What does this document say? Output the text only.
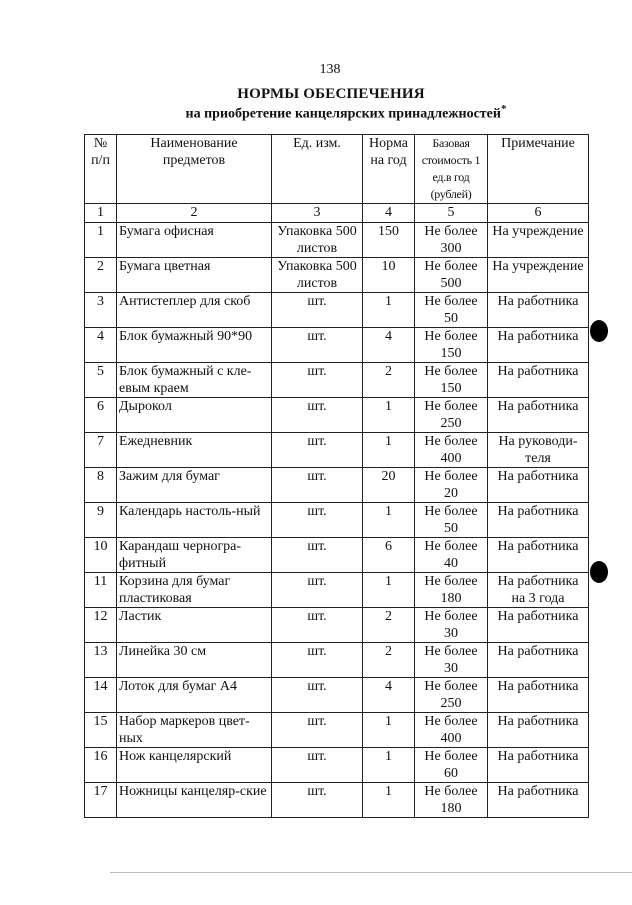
138
НОРМЫ ОБЕСПЕЧЕНИЯ
на приобретение канцелярских принадлежностей*
№ п/п	Наименование предметов	Ед. изм.	Норма на год	Базовая стоимость 1 ед.в год (рублей)	Примечание
1	2	3	4	5	6
1	Бумага офисная	Упаковка 500 листов	150	Не более 300	На учреждение
2	Бумага цветная	Упаковка 500 листов	10	Не более 500	На учреждение
3	Антистеплер для скоб	шт.	1	Не более 50	На работника
4	Блок бумажный 90*90	шт.	4	Не более 150	На работника
5	Блок бумажный с кле-евым краем	шт.	2	Не более 150	На работника
6	Дырокол	шт.	1	Не более 250	На работника
7	Ежедневник	шт.	1	Не более 400	На руководи-теля
8	Зажим для бумаг	шт.	20	Не более 20	На работника
9	Календарь настоль-ный	шт.	1	Не более 50	На работника
10	Карандаш черногра-фитный	шт.	6	Не более 40	На работника
11	Корзина для бумаг пластиковая	шт.	1	Не более 180	На работника на 3 года
12	Ластик	шт.	2	Не более 30	На работника
13	Линейка 30 см	шт.	2	Не более 30	На работника
14	Лоток для бумаг А4	шт.	4	Не более 250	На работника
15	Набор маркеров цвет-ных	шт.	1	Не более 400	На работника
16	Нож канцелярский	шт.	1	Не более 60	На работника
17	Ножницы канцеляр-ские	шт.	1	Не более 180	На работника
